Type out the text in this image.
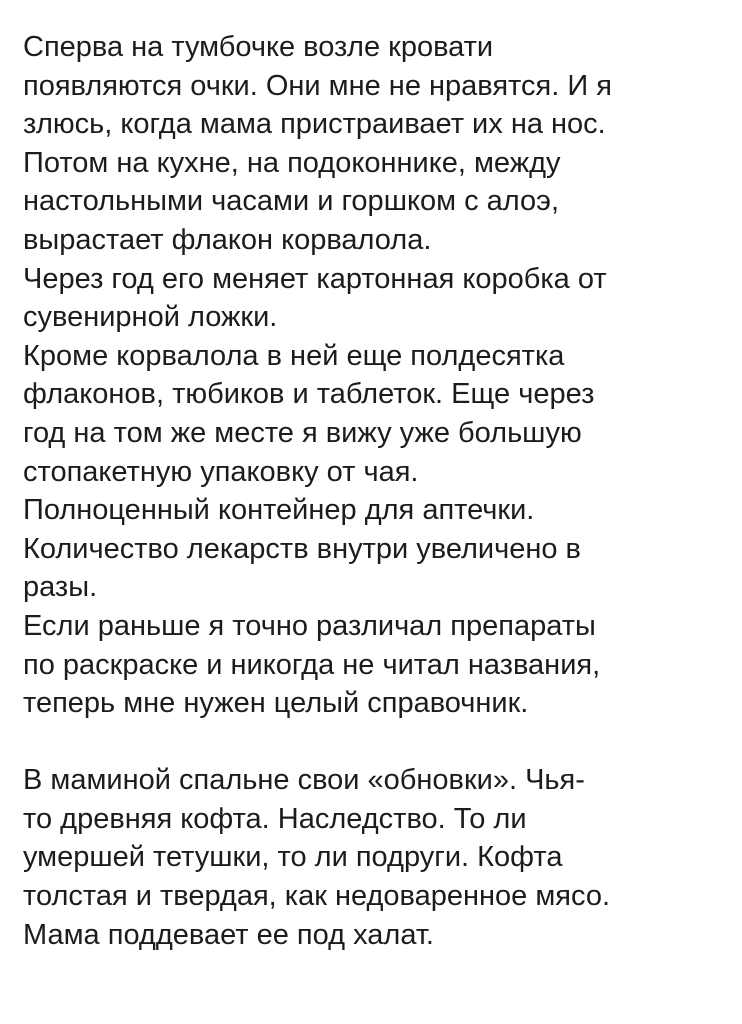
Сперва на тумбочке возле кровати
появляются очки. Они мне не нравятся. И я
злюсь, когда мама пристраивает их на нос.
Потом на кухне, на подоконнике, между
настольными часами и горшком с алоэ,
вырастает флакон корвалола.
Через год его меняет картонная коробка от
сувенирной ложки.
Кроме корвалола в ней еще полдесятка
флаконов, тюбиков и таблеток. Еще через
год на том же месте я вижу уже большую
стопакетную упаковку от чая.
Полноценный контейнер для аптечки.
Количество лекарств внутри увеличено в
разы.
Если раньше я точно различал препараты
по раскраске и никогда не читал названия,
теперь мне нужен целый справочник.
В маминой спальне свои «обновки». Чья-
то древняя кофта. Наследство. То ли
умершей тетушки, то ли подруги. Кофта
толстая и твердая, как недоваренное мясо.
Мама поддевает ее под халат.
